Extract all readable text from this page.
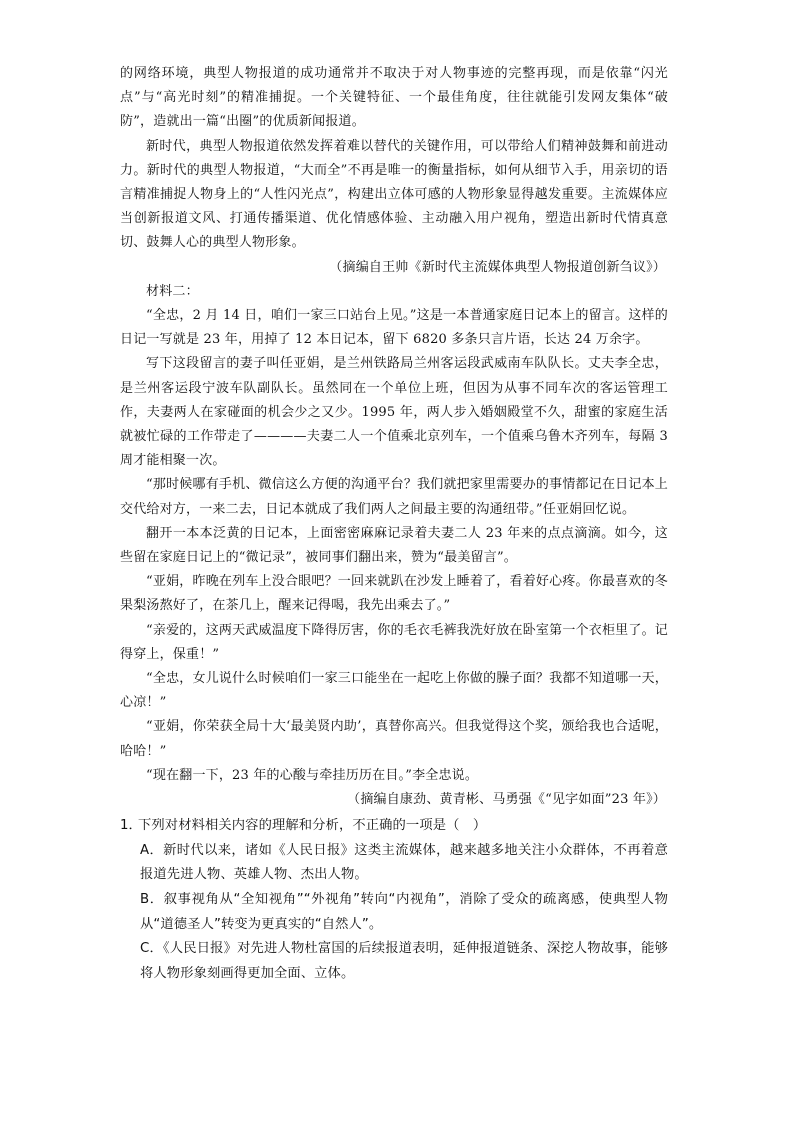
的网络环境，典型人物报道的成功通常并不取决于对人物事迹的完整再现，而是依靠“闪光点”与“高光时刻”的精准捕捉。一个关键特征、一个最佳角度，往往就能引发网友集体“破防”，造就出一篇“出圈”的优质新闻报道。

新时代，典型人物报道依然发挥着难以替代的关键作用，可以带给人们精神鼓舞和前进动力。新时代的典型人物报道，“大而全”不再是唯一的衡量指标，如何从细节入手，用亲切的语言精准捕捉人物身上的“人性闪光点”，构建出立体可感的人物形象显得越发重要。主流媒体应当创新报道文风、打通传播渠道、优化情感体验、主动融入用户视角，塑造出新时代情真意切、鼓舞人心的典型人物形象。

（摘编自王帅《新时代主流媒体典型人物报道创新刍议》）

材料二：

“全忠，2 月 14 日，咱们一家三口站台上见。”这是一本普通家庭日记本上的留言。这样的日记一写就是 23 年，用掉了 12 本日记本，留下 6820 多条只言片语，长达 24 万余字。

写下这段留言的妻子叫任亚娟，是兰州铁路局兰州客运段武威南车队队长。丈夫李全忠，是兰州客运段宁波车队副队长。虽然同在一个单位上班，但因为从事不同车次的客运管理工作，夫妻两人在家碰面的机会少之又少。1995 年，两人步入婚姻殿堂不久，甜蜜的家庭生活就被忙碌的工作带走了————夫妻二人一个值乘北京列车，一个值乘乌鲁木齐列车，每隔 3 周才能相聚一次。

“那时候哪有手机、微信这么方便的沟通平台？我们就把家里需要办的事情都记在日记本上交代给对方，一来二去，日记本就成了我们两人之间最主要的沟通纽带。”任亚娟回忆说。

翻开一本本泛黄的日记本，上面密密麻麻记录着夫妻二人 23 年来的点点滴滴。如今，这些留在家庭日记上的“微记录”，被同事们翻出来，赞为“最美留言”。

“亚娟，昨晚在列车上没合眼吧？一回来就趴在沙发上睡着了，看着好心疼。你最喜欢的冬果梨汤熬好了，在茶几上，醒来记得喝，我先出乘去了。”

“亲爱的，这两天武威温度下降得厉害，你的毛衣毛裤我洗好放在卧室第一个衣柜里了。记得穿上，保重！”

“全忠，女儿说什么时候咱们一家三口能坐在一起吃上你做的臊子面？我都不知道哪一天，心凉！”

“亚娟，你荣获全局十大‘最美贤内助’，真替你高兴。但我觉得这个奖，颁给我也合适呢，哈哈！”

“现在翻一下，23 年的心酸与牵挂历历在目。”李全忠说。

（摘编自康劲、黄青彬、马勇强《“见字如面”23 年》）

1．下列对材料相关内容的理解和分析，不正确的一项是（　）

A．新时代以来，诸如《人民日报》这类主流媒体，越来越多地关注小众群体，不再着意报道先进人物、英雄人物、杰出人物。

B．叙事视角从“全知视角”“外视角”转向“内视角”，消除了受众的疏离感，使典型人物从“道德圣人”转变为更真实的“自然人”。

C．《人民日报》对先进人物杜富国的后续报道表明，延伸报道链条、深挖人物故事，能够将人物形象刻画得更加全面、立体。
